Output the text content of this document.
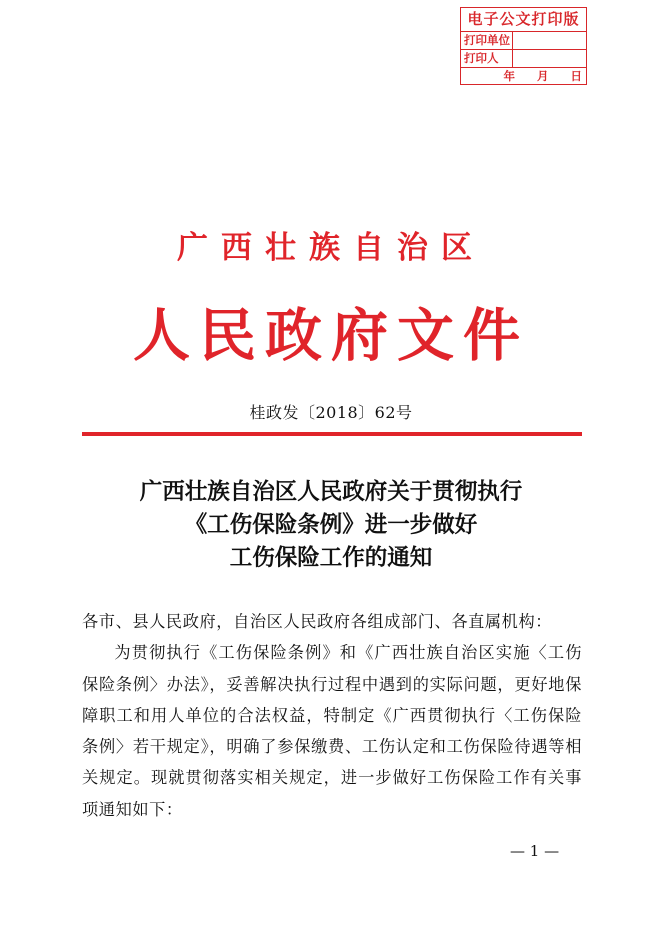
电子公文打印版
打印单位
打印人
年 月 日
广西壮族自治区
人民政府文件
桂政发〔2018〕62号
广西壮族自治区人民政府关于贯彻执行
《工伤保险条例》进一步做好
工伤保险工作的通知

各市、县人民政府，自治区人民政府各组成部门、各直属机构：

为贯彻执行《工伤保险条例》和《广西壮族自治区实施〈工伤保险条例〉办法》，妥善解决执行过程中遇到的实际问题，更好地保障职工和用人单位的合法权益，特制定《广西贯彻执行〈工伤保险条例〉若干规定》，明确了参保缴费、工伤认定和工伤保险待遇等相关规定。现就贯彻落实相关规定，进一步做好工伤保险工作有关事项通知如下：

— 1 —
